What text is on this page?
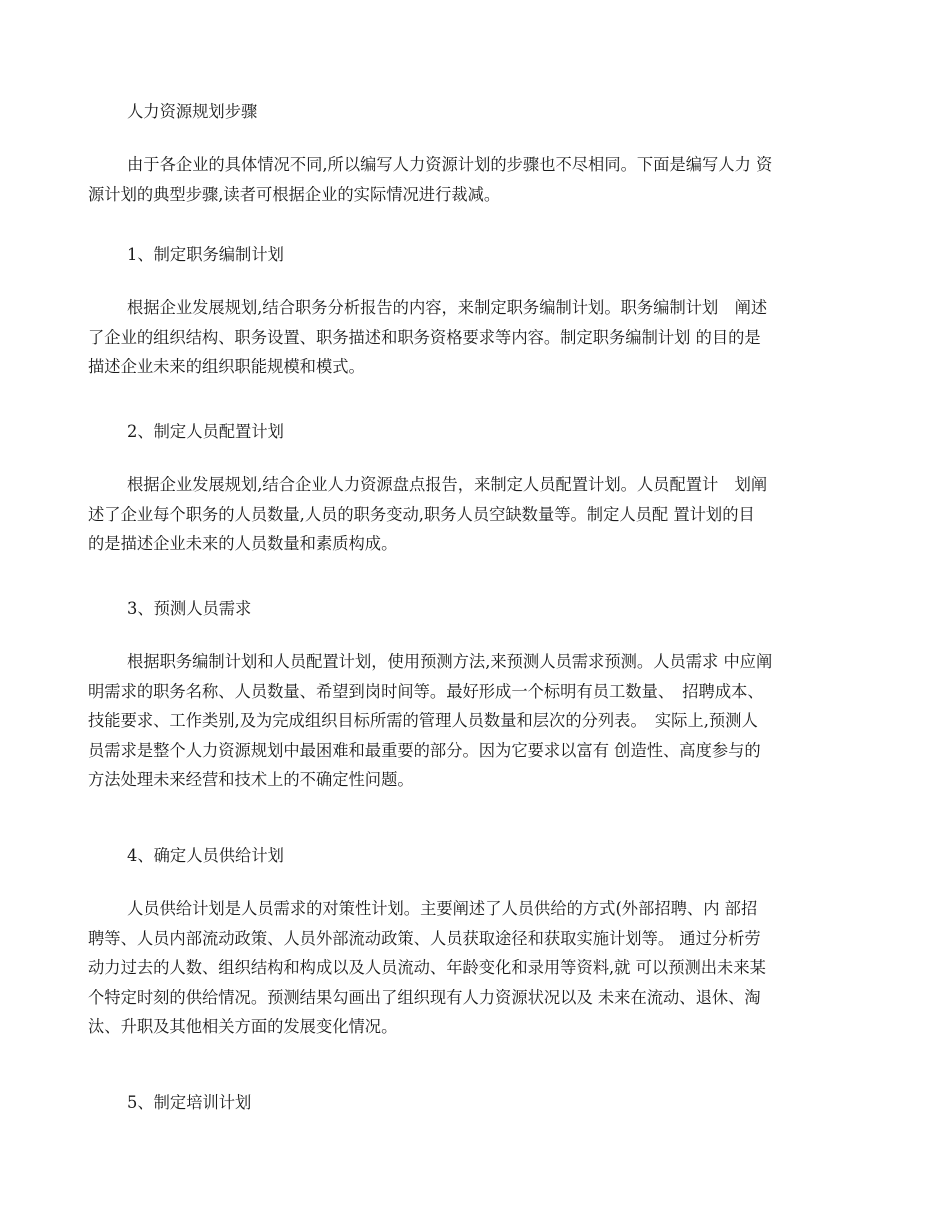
人力资源规划步骤

由于各企业的具体情况不同,所以编写人力资源计划的步骤也不尽相同。下面是编写人力 资
源计划的典型步骤,读者可根据企业的实际情况进行裁减。

1、制定职务编制计划

根据企业发展规划,结合职务分析报告的内容，来制定职务编制计划。职务编制计划　阐述
了企业的组织结构、职务设置、职务描述和职务资格要求等内容。制定职务编制计划 的目的是
描述企业未来的组织职能规模和模式。

2、制定人员配置计划

根据企业发展规划,结合企业人力资源盘点报告，来制定人员配置计划。人员配置计　划阐
述了企业每个职务的人员数量,人员的职务变动,职务人员空缺数量等。制定人员配 置计划的目
的是描述企业未来的人员数量和素质构成。

3、预测人员需求

根据职务编制计划和人员配置计划，使用预测方法,来预测人员需求预测。人员需求 中应阐
明需求的职务名称、人员数量、希望到岗时间等。最好形成一个标明有员工数量、　招聘成本、
技能要求、工作类别,及为完成组织目标所需的管理人员数量和层次的分列表。　实际上,预测人
员需求是整个人力资源规划中最困难和最重要的部分。因为它要求以富有 创造性、高度参与的
方法处理未来经营和技术上的不确定性问题。

4、确定人员供给计划

人员供给计划是人员需求的对策性计划。主要阐述了人员供给的方式(外部招聘、内 部招
聘等、人员内部流动政策、人员外部流动政策、人员获取途径和获取实施计划等。 通过分析劳
动力过去的人数、组织结构和构成以及人员流动、年龄变化和录用等资料,就 可以预测出未来某
个特定时刻的供给情况。预测结果勾画出了组织现有人力资源状况以及 未来在流动、退休、淘
汰、升职及其他相关方面的发展变化情况。

5、制定培训计划
